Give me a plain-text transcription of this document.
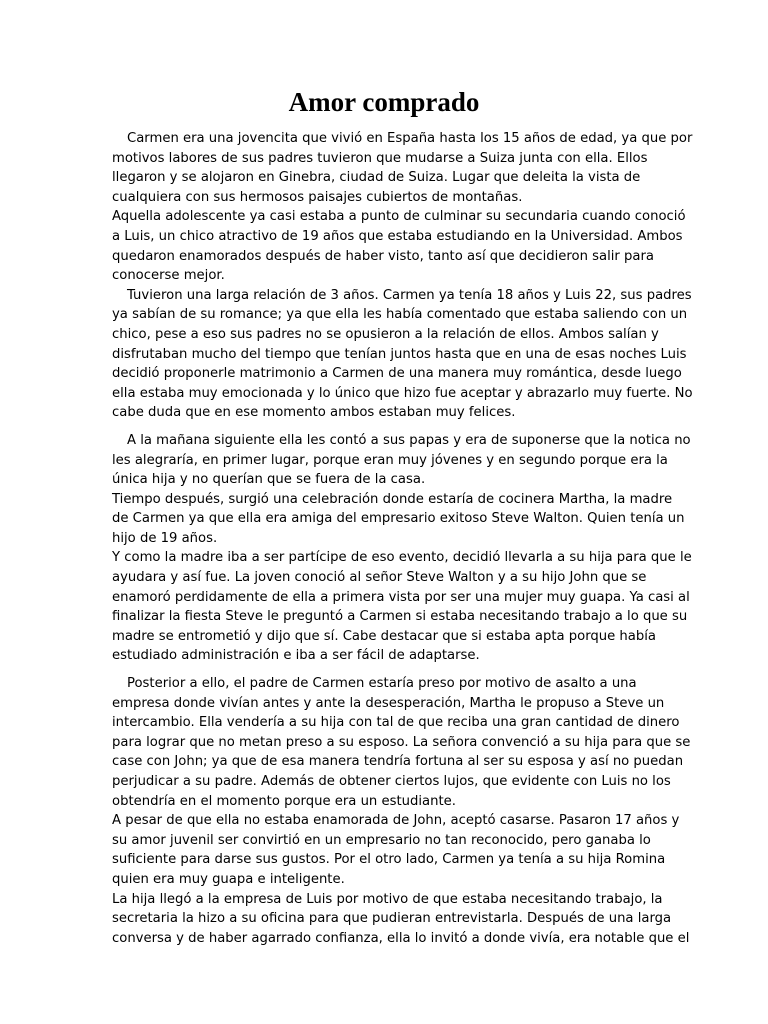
Amor comprado
Carmen era una jovencita que vivió en España hasta los 15 años de edad, ya que por
motivos labores de sus padres tuvieron que mudarse a Suiza junta con ella. Ellos
llegaron y se alojaron en Ginebra, ciudad de Suiza. Lugar que deleita la vista de
cualquiera con sus hermosos paisajes cubiertos de montañas.
Aquella adolescente ya casi estaba a punto de culminar su secundaria cuando conoció
a Luis, un chico atractivo de 19 años que estaba estudiando en la Universidad. Ambos
quedaron enamorados después de haber visto, tanto así que decidieron salir para
conocerse mejor.
Tuvieron una larga relación de 3 años. Carmen ya tenía 18 años y Luis 22, sus padres
ya sabían de su romance; ya que ella les había comentado que estaba saliendo con un
chico, pese a eso sus padres no se opusieron a la relación de ellos. Ambos salían y
disfrutaban mucho del tiempo que tenían juntos hasta que en una de esas noches Luis
decidió proponerle matrimonio a Carmen de una manera muy romántica, desde luego
ella estaba muy emocionada y lo único que hizo fue aceptar y abrazarlo muy fuerte. No
cabe duda que en ese momento ambos estaban muy felices.
A la mañana siguiente ella les contó a sus papas y era de suponerse que la notica no
les alegraría, en primer lugar, porque eran muy jóvenes y en segundo porque era la
única hija y no querían que se fuera de la casa.
Tiempo después, surgió una celebración donde estaría de cocinera Martha, la madre
de Carmen ya que ella era amiga del empresario exitoso Steve Walton. Quien tenía un
hijo de 19 años.
Y como la madre iba a ser partícipe de eso evento, decidió llevarla a su hija para que le
ayudara y así fue. La joven conoció al señor Steve Walton y a su hijo John que se
enamoró perdidamente de ella a primera vista por ser una mujer muy guapa. Ya casi al
finalizar la fiesta Steve le preguntó a Carmen si estaba necesitando trabajo a lo que su
madre se entrometió y dijo que sí. Cabe destacar que si estaba apta porque había
estudiado administración e iba a ser fácil de adaptarse.
Posterior a ello, el padre de Carmen estaría preso por motivo de asalto a una
empresa donde vivían antes y ante la desesperación, Martha le propuso a Steve un
intercambio. Ella vendería a su hija con tal de que reciba una gran cantidad de dinero
para lograr que no metan preso a su esposo. La señora convenció a su hija para que se
case con John; ya que de esa manera tendría fortuna al ser su esposa y así no puedan
perjudicar a su padre. Además de obtener ciertos lujos, que evidente con Luis no los
obtendría en el momento porque era un estudiante.
A pesar de que ella no estaba enamorada de John, aceptó casarse. Pasaron 17 años y
su amor juvenil ser convirtió en un empresario no tan reconocido, pero ganaba lo
suficiente para darse sus gustos. Por el otro lado, Carmen ya tenía a su hija Romina
quien era muy guapa e inteligente.
La hija llegó a la empresa de Luis por motivo de que estaba necesitando trabajo, la
secretaria la hizo a su oficina para que pudieran entrevistarla. Después de una larga
conversa y de haber agarrado confianza, ella lo invitó a donde vivía, era notable que el
